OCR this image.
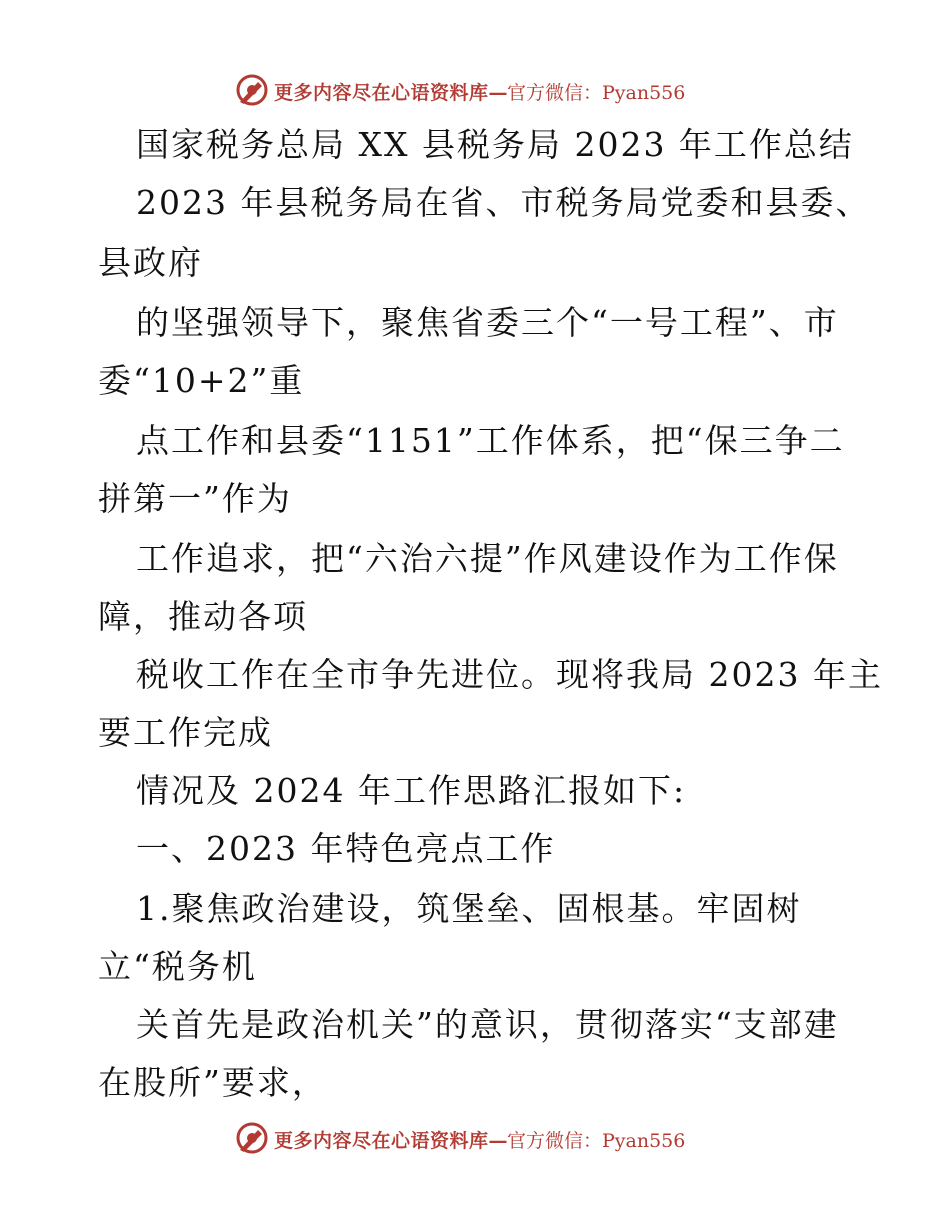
更多内容尽在心语资料库—
官方微信：Pyan556
国家税务总局 XX 县税务局 2023 年工作总结
2023 年县税务局在省、市税务局党委和县委、
县政府
的坚强领导下，聚焦省委三个“一号工程”、市
委“10+2”重
点工作和县委“1151”工作体系，把“保三争二
拼第一”作为
工作追求，把“六治六提”作风建设作为工作保
障，推动各项
税收工作在全市争先进位。现将我局 2023 年主
要工作完成
情况及 2024 年工作思路汇报如下:
一、2023 年特色亮点工作
1.聚焦政治建设，筑堡垒、固根基。牢固树
立“税务机
关首先是政治机关”的意识，贯彻落实“支部建
在股所”要求，
更多内容尽在心语资料库—
官方微信：Pyan556
